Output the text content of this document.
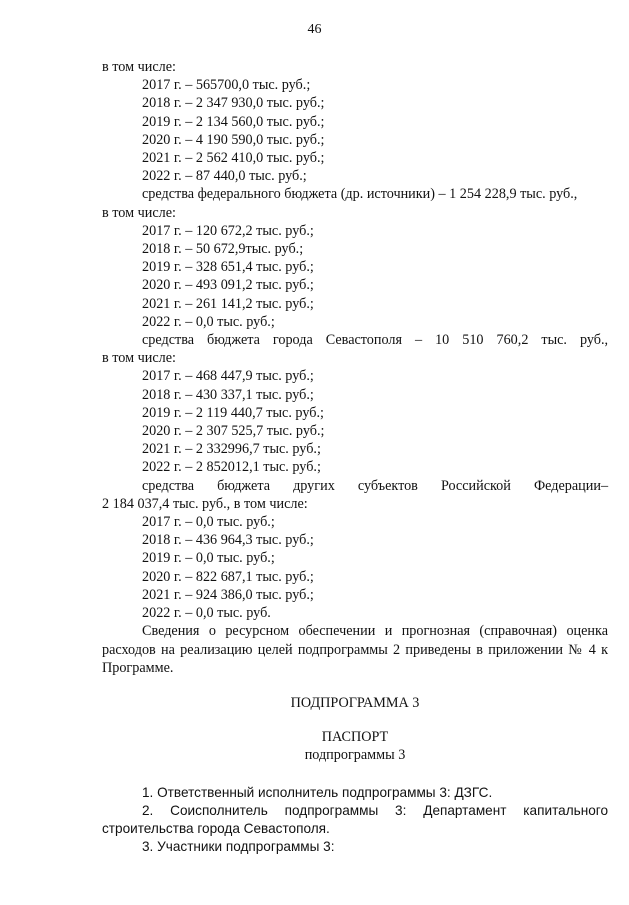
46
в том числе:
2017 г. – 565700,0 тыс. руб.;
2018 г. – 2 347 930,0 тыс. руб.;
2019 г. – 2 134 560,0 тыс. руб.;
2020 г. – 4 190 590,0 тыс. руб.;
2021 г. – 2 562 410,0 тыс. руб.;
2022 г. – 87 440,0 тыс. руб.;
средства федерального бюджета (др. источники) – 1 254 228,9 тыс. руб.,
в том числе:
2017 г. – 120 672,2 тыс. руб.;
2018 г. – 50 672,9тыс. руб.;
2019 г. – 328 651,4 тыс. руб.;
2020 г. – 493 091,2 тыс. руб.;
2021 г. – 261 141,2 тыс. руб.;
2022 г. – 0,0 тыс. руб.;
средства бюджета города Севастополя – 10 510 760,2 тыс. руб.,
в том числе:
2017 г. – 468 447,9 тыс. руб.;
2018 г. – 430 337,1 тыс. руб.;
2019 г. – 2 119 440,7 тыс. руб.;
2020 г. – 2 307 525,7 тыс. руб.;
2021 г. – 2 332996,7 тыс. руб.;
2022 г. – 2 852012,1 тыс. руб.;
средства бюджета других субъектов Российской Федерации–
2 184 037,4 тыс. руб., в том числе:
2017 г. – 0,0 тыс. руб.;
2018 г. – 436 964,3 тыс. руб.;
2019 г. – 0,0 тыс. руб.;
2020 г. – 822 687,1 тыс. руб.;
2021 г. – 924 386,0 тыс. руб.;
2022 г. – 0,0 тыс. руб.
Сведения о ресурсном обеспечении и прогнозная (справочная) оценка расходов на реализацию целей подпрограммы 2 приведены в приложении № 4 к Программе.
ПОДПРОГРАММА 3
ПАСПОРТ
подпрограммы 3
1. Ответственный исполнитель подпрограммы 3: ДЗГС.
2. Соисполнитель подпрограммы 3: Департамент капитального строительства города Севастополя.
3. Участники подпрограммы 3:
